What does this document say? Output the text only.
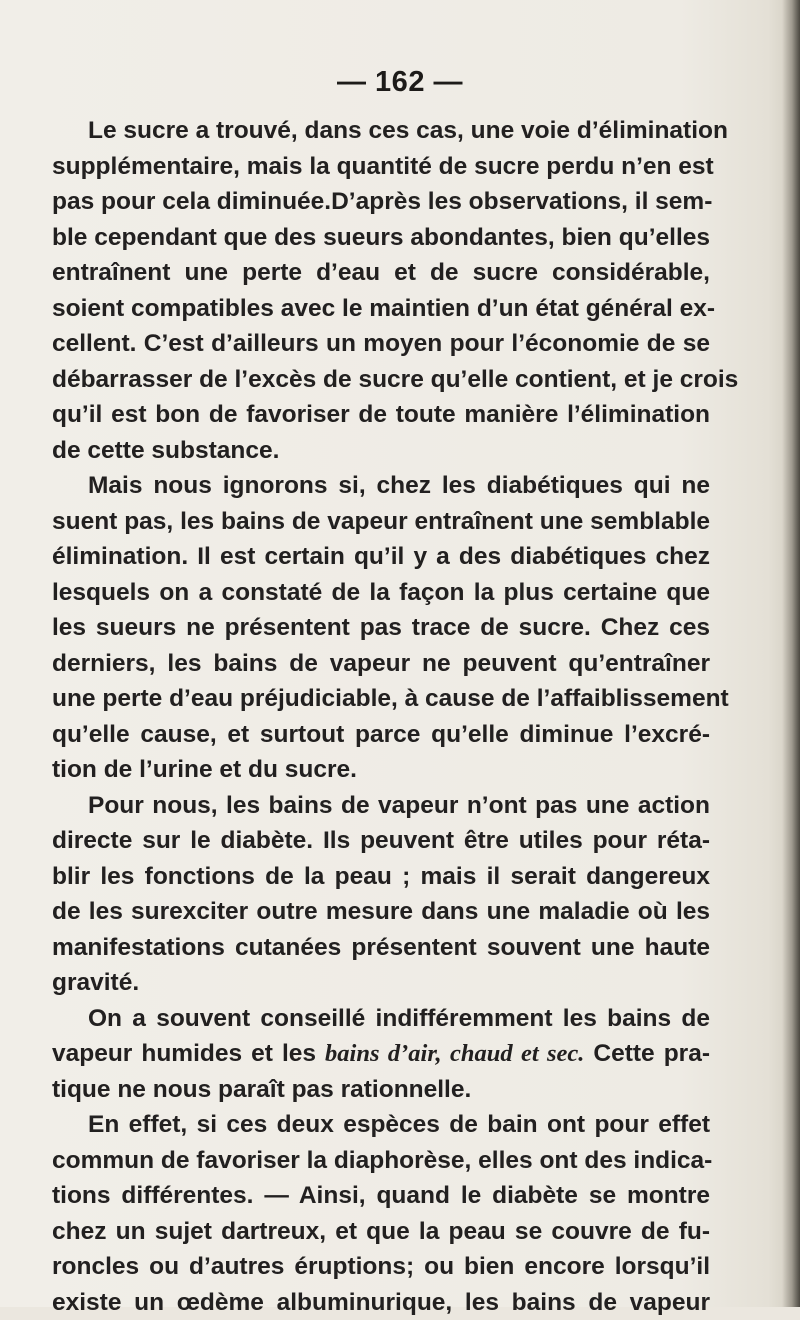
— 162 —
Le sucre a trouvé, dans ces cas, une voie d’élimination
supplémentaire, mais la quantité de sucre perdu n’en est
pas pour cela diminuée.D’après les observations, il sem-
ble cependant que des sueurs abondantes, bien qu’elles
entraînent une perte d’eau et de sucre considérable,
soient compatibles avec le maintien d’un état général ex-
cellent. C’est d’ailleurs un moyen pour l’économie de se
débarrasser de l’excès de sucre qu’elle contient, et je crois
qu’il est bon de favoriser de toute manière l’élimination
de cette substance.
Mais nous ignorons si, chez les diabétiques qui ne
suent pas, les bains de vapeur entraînent une semblable
élimination. Il est certain qu’il y a des diabétiques chez
lesquels on a constaté de la façon la plus certaine que
les sueurs ne présentent pas trace de sucre. Chez ces
derniers, les bains de vapeur ne peuvent qu’entraîner
une perte d’eau préjudiciable, à cause de l’affaiblissement
qu’elle cause, et surtout parce qu’elle diminue l’excré-
tion de l’urine et du sucre.
Pour nous, les bains de vapeur n’ont pas une action
directe sur le diabète. Ils peuvent être utiles pour réta-
blir les fonctions de la peau ; mais il serait dangereux
de les surexciter outre mesure dans une maladie où les
manifestations cutanées présentent souvent une haute
gravité.
On a souvent conseillé indifféremment les bains de
vapeur humides et les bains d’air, chaud et sec. Cette pra-
tique ne nous paraît pas rationnelle.
En effet, si ces deux espèces de bain ont pour effet
commun de favoriser la diaphorèse, elles ont des indica-
tions différentes. — Ainsi, quand le diabète se montre
chez un sujet dartreux, et que la peau se couvre de fu-
roncles ou d’autres éruptions; ou bien encore lorsqu’il
existe un œdème albuminurique, les bains de vapeur
